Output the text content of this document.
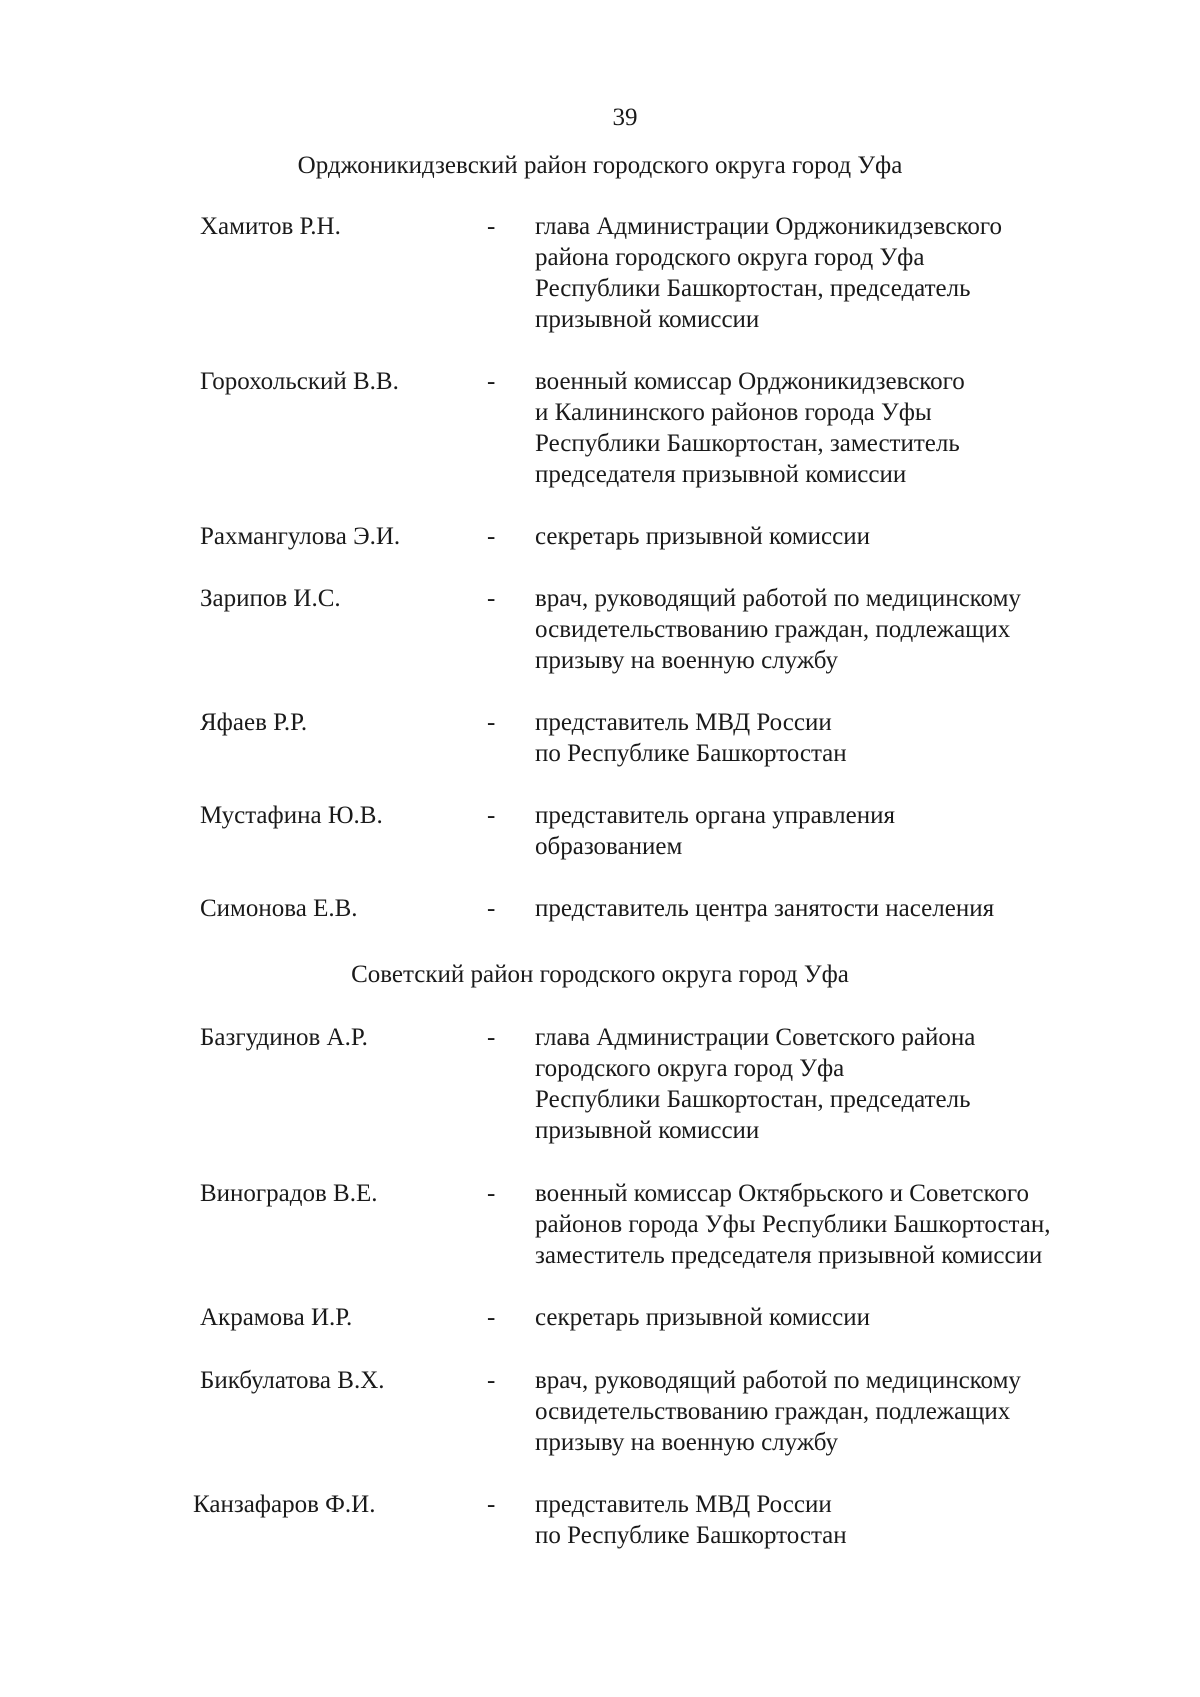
39
Орджоникидзевский район городского округа город Уфа
Хамитов Р.Н.	- глава Администрации Орджоникидзевского
района городского округа город Уфа
Республики Башкортостан, председатель
призывной комиссии
Горохольский В.В.	- военный комиссар Орджоникидзевского
и Калининского районов города Уфы
Республики Башкортостан, заместитель
председателя призывной комиссии
Рахмангулова Э.И.	- секретарь призывной комиссии
Зарипов И.С.	- врач, руководящий работой по медицинскому
освидетельствованию граждан, подлежащих
призыву на военную службу
Яфаев Р.Р.	- представитель МВД России
по Республике Башкортостан
Мустафина Ю.В.	- представитель органа управления
образованием
Симонова Е.В.	- представитель центра занятости населения
Советский район городского округа город Уфа
Базгудинов А.Р.	- глава Администрации Советского района
городского округа город Уфа
Республики Башкортостан, председатель
призывной комиссии
Виноградов В.Е.	- военный комиссар Октябрьского и Советского
районов города Уфы Республики Башкортостан,
заместитель председателя призывной комиссии
Акрамова И.Р.	- секретарь призывной комиссии
Бикбулатова В.Х.	- врач, руководящий работой по медицинскому
освидетельствованию граждан, подлежащих
призыву на военную службу
Канзафаров Ф.И.	- представитель МВД России
по Республике Башкортостан
